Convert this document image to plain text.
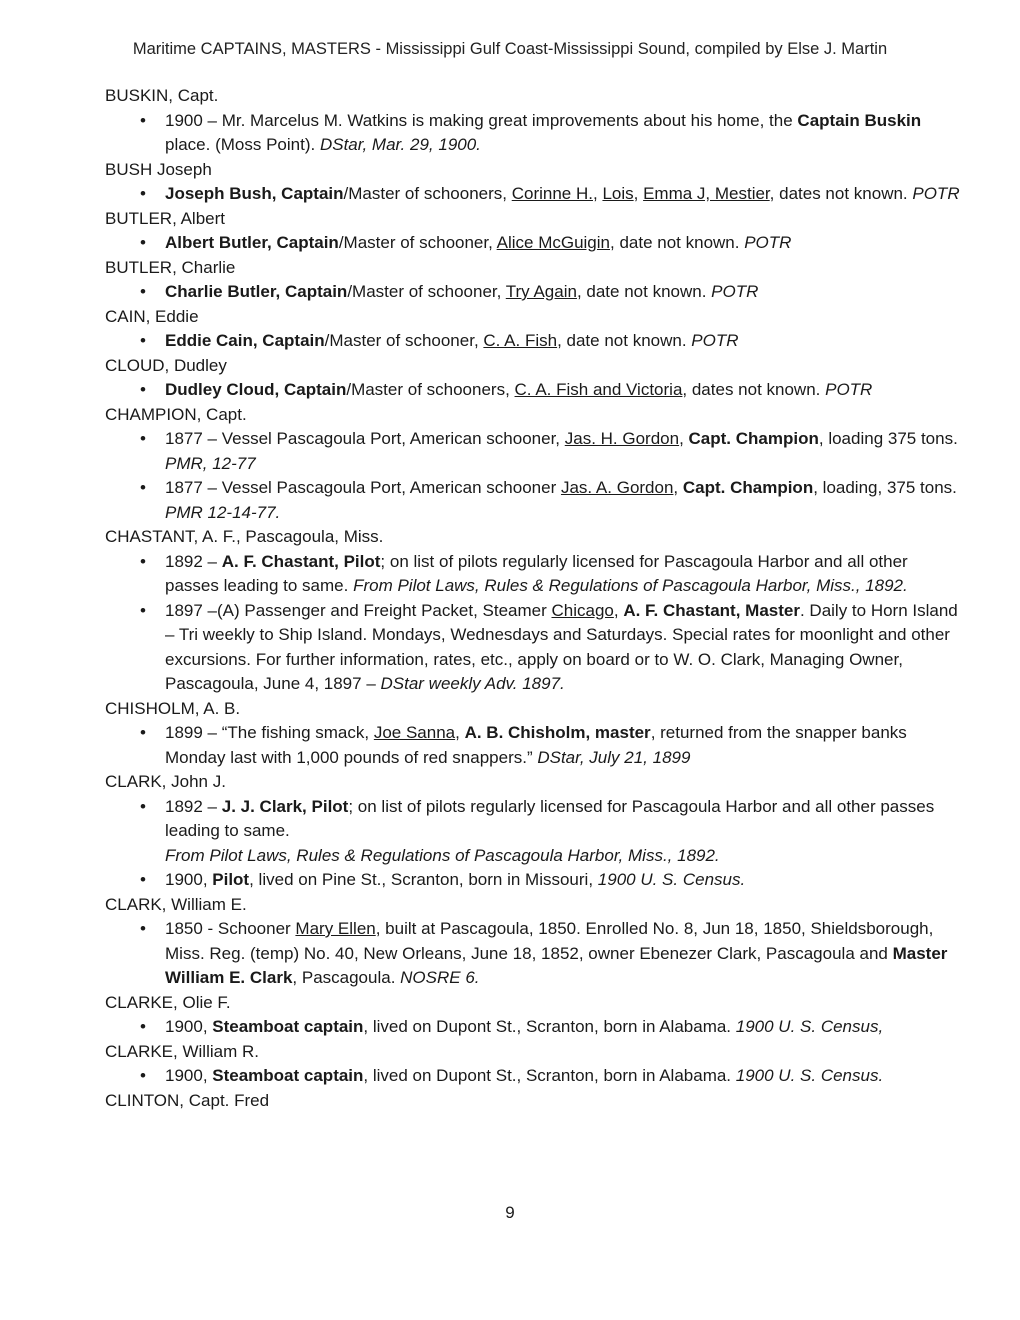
Maritime CAPTAINS, MASTERS - Mississippi Gulf Coast-Mississippi Sound, compiled by Else J. Martin
BUSKIN, Capt.
• 1900 – Mr. Marcelus M. Watkins is making great improvements about his home, the Captain Buskin place. (Moss Point). DStar, Mar. 29, 1900.
BUSH Joseph
• Joseph Bush, Captain/Master of schooners, Corinne H., Lois, Emma J, Mestier, dates not known. POTR
BUTLER, Albert
• Albert Butler, Captain/Master of schooner, Alice McGuigin, date not known. POTR
BUTLER, Charlie
• Charlie Butler, Captain/Master of schooner, Try Again, date not known. POTR
CAIN, Eddie
• Eddie Cain, Captain/Master of schooner, C. A. Fish, date not known. POTR
CLOUD, Dudley
• Dudley Cloud, Captain/Master of schooners, C. A. Fish and Victoria, dates not known. POTR
CHAMPION, Capt.
• 1877 – Vessel Pascagoula Port, American schooner, Jas. H. Gordon, Capt. Champion, loading 375 tons. PMR, 12-77
• 1877 – Vessel Pascagoula Port, American schooner Jas. A. Gordon, Capt. Champion, loading, 375 tons. PMR 12-14-77.
CHASTANT, A. F., Pascagoula, Miss.
• 1892 – A. F. Chastant, Pilot; on list of pilots regularly licensed for Pascagoula Harbor and all other passes leading to same. From Pilot Laws, Rules & Regulations of Pascagoula Harbor, Miss., 1892.
• 1897 –(A) Passenger and Freight Packet, Steamer Chicago, A. F. Chastant, Master. Daily to Horn Island – Tri weekly to Ship Island. Mondays, Wednesdays and Saturdays. Special rates for moonlight and other excursions. For further information, rates, etc., apply on board or to W. O. Clark, Managing Owner, Pascagoula, June 4, 1897 – DStar weekly Adv. 1897.
CHISHOLM, A. B.
• 1899 – “The fishing smack, Joe Sanna, A. B. Chisholm, master, returned from the snapper banks Monday last with 1,000 pounds of red snappers.” DStar, July 21, 1899
CLARK, John J.
• 1892 – J. J. Clark, Pilot; on list of pilots regularly licensed for Pascagoula Harbor and all other passes leading to same.
From Pilot Laws, Rules & Regulations of Pascagoula Harbor, Miss., 1892.
• 1900, Pilot, lived on Pine St., Scranton, born in Missouri, 1900 U. S. Census.
CLARK, William E.
• 1850 - Schooner Mary Ellen, built at Pascagoula, 1850. Enrolled No. 8, Jun 18, 1850, Shieldsborough, Miss. Reg. (temp) No. 40, New Orleans, June 18, 1852, owner Ebenezer Clark, Pascagoula and Master William E. Clark, Pascagoula. NOSRE 6.
CLARKE, Olie F.
• 1900, Steamboat captain, lived on Dupont St., Scranton, born in Alabama. 1900 U. S. Census,
CLARKE, William R.
• 1900, Steamboat captain, lived on Dupont St., Scranton, born in Alabama. 1900 U. S. Census.
CLINTON, Capt. Fred
9
